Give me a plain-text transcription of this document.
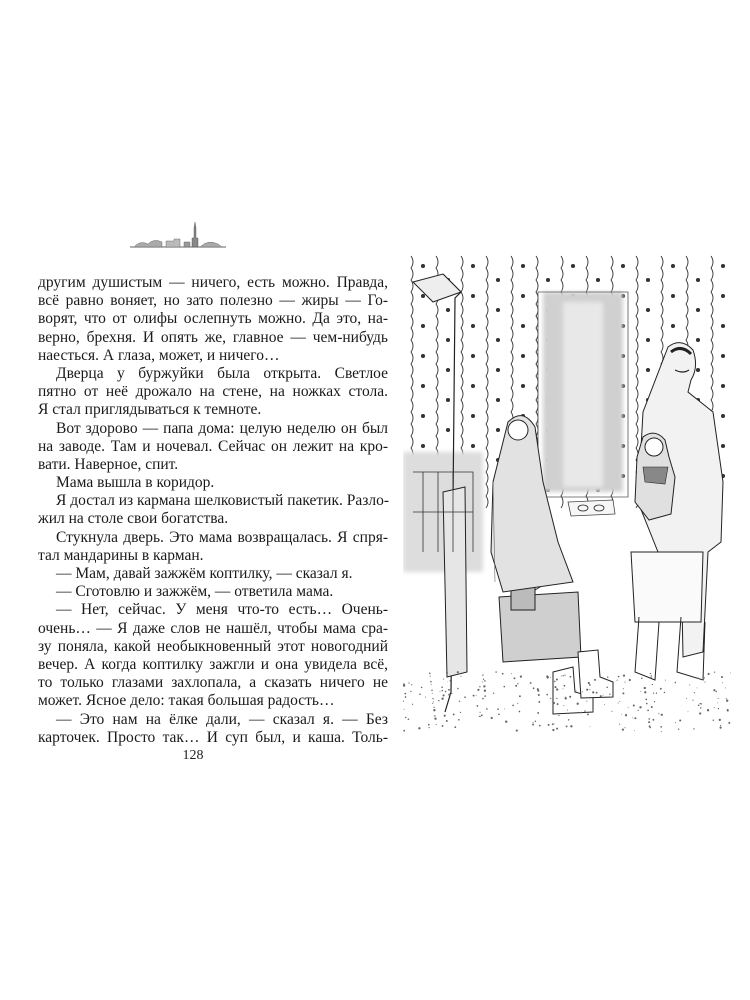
другим душистым — ничего, есть можно. Правда,
всё равно воняет, но зато полезно — жиры — Го-
ворят, что от олифы ослепнуть можно. Да это, на-
верно, брехня. И опять же, главное — чем-нибудь
наесться. А глаза, может, и ничего…
Дверца у буржуйки была открыта. Светлое
пятно от неё дрожало на стене, на ножках стола.
Я стал приглядываться к темноте.
Вот здорово — папа дома: целую неделю он был
на заводе. Там и ночевал. Сейчас он лежит на кро-
вати. Наверное, спит.
Мама вышла в коридор.
Я достал из кармана шелковистый пакетик. Разло-
жил на столе свои богатства.
Стукнула дверь. Это мама возвращалась. Я спря-
тал мандарины в карман.
— Мам, давай зажжём коптилку, — сказал я.
— Сготовлю и зажжём, — ответила мама.
— Нет, сейчас. У меня что-то есть… Очень-
очень… — Я даже слов не нашёл, чтобы мама сра-
зу поняла, какой необыкновенный этот новогодний
вечер. А когда коптилку зажгли и она увидела всё,
то только глазами захлопала, а сказать ничего не
может. Ясное дело: такая большая радость…
— Это нам на ёлке дали, — сказал я. — Без
карточек. Просто так… И суп был, и каша. Толь-
128
